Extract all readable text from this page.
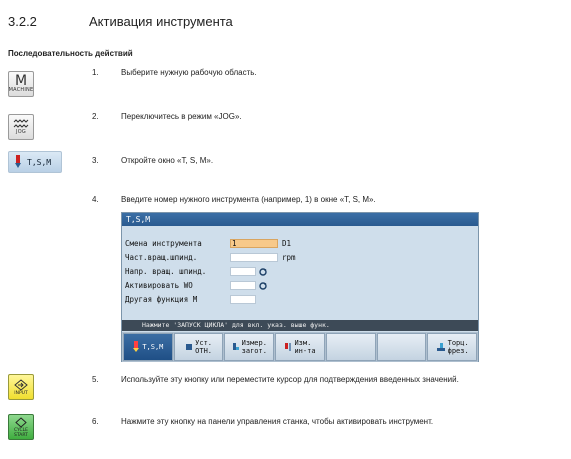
3.2.2	Активация инструмента
Последовательность действий
M
MACHINE
1.	Выберите нужную рабочую область.
JOG
2.	Переключитесь в режим «JOG».
T,S,M	3.	Откройте окно «T, S, M».
4.	Введите номер нужного инструмента (например, 1) в окне «T, S, M».
T,S,M
Смена инструмента	1	D1
Част.вращ.шпинд.	rpm
Напр. вращ. шпинд.
Активировать WO
Другая функция M
Нажмите 'ЗАПУСК ЦИКЛА' для вкл. указ. выше функ.
T,S,M	Уст.
ОТН.
Измер.
загот.
Изм.
ин-та
Торц.
фрез.
INPUT
5.	Используйте эту кнопку или переместите курсор для подтверждения введенных значений.
CYCLE
START
6.	Нажмите эту кнопку на панели управления станка, чтобы активировать инструмент.
